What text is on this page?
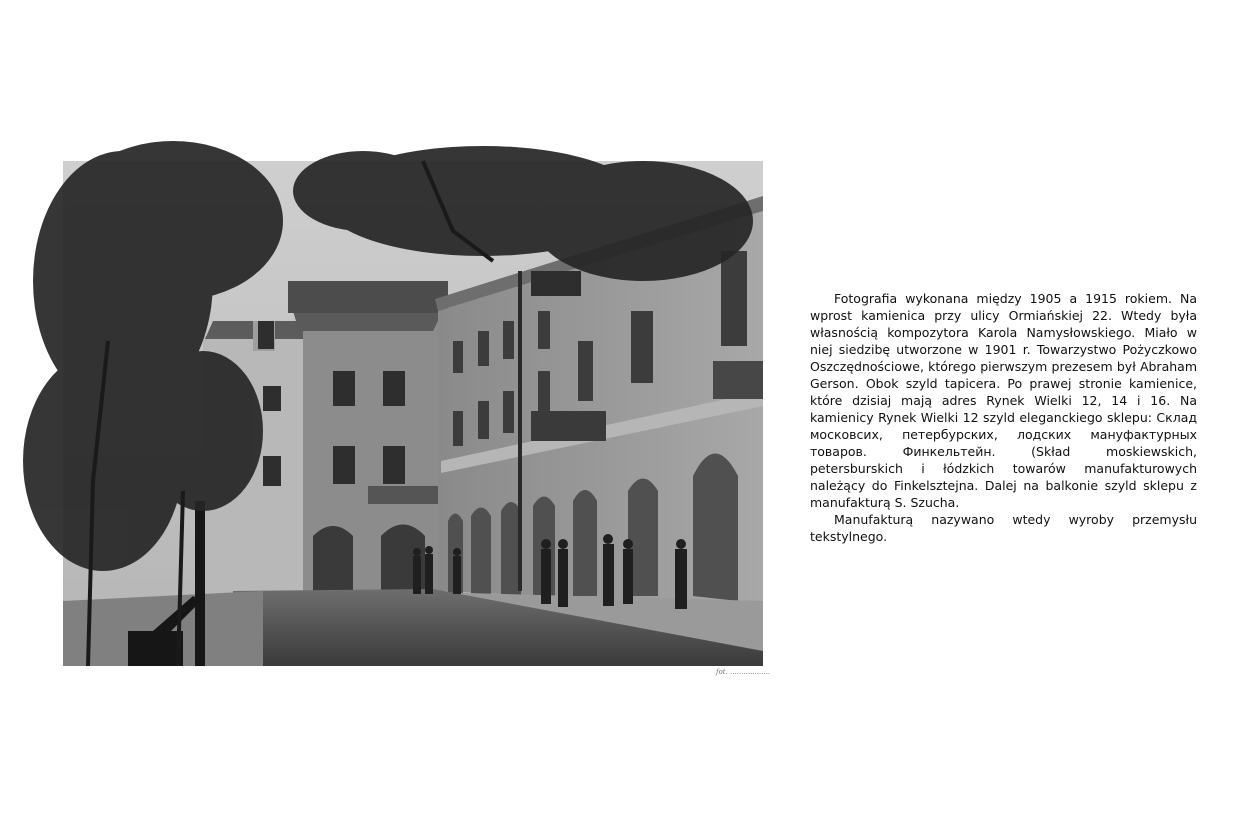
fot. ..................

Fotografia wykonana między 1905 a 1915 rokiem. Na wprost kamienica przy ulicy Ormiańskiej 22. Wtedy była własnością kompozytora Karola Namysłowskiego. Miało w niej siedzibę utworzone w 1901 r. Towarzystwo Pożyczkowo Oszczędnościowe, którego pierwszym prezesem był Abraham Gerson. Obok szyld tapicera. Po prawej stronie kamienice, które dzisiaj mają adres Rynek Wielki 12, 14 i 16. Na kamienicy Rynek Wielki 12 szyld eleganckiego sklepu: Склад московсих, петербурских, лодских мануфактурных товаров. Финкельтейн. (Skład moskiewskich, petersburskich i łódzkich towarów manufakturowych należący do Finkelsztejna. Dalej na balkonie szyld sklepu z manufakturą S. Szucha.

Manufakturą nazywano wtedy wyroby przemysłu tekstylnego.
